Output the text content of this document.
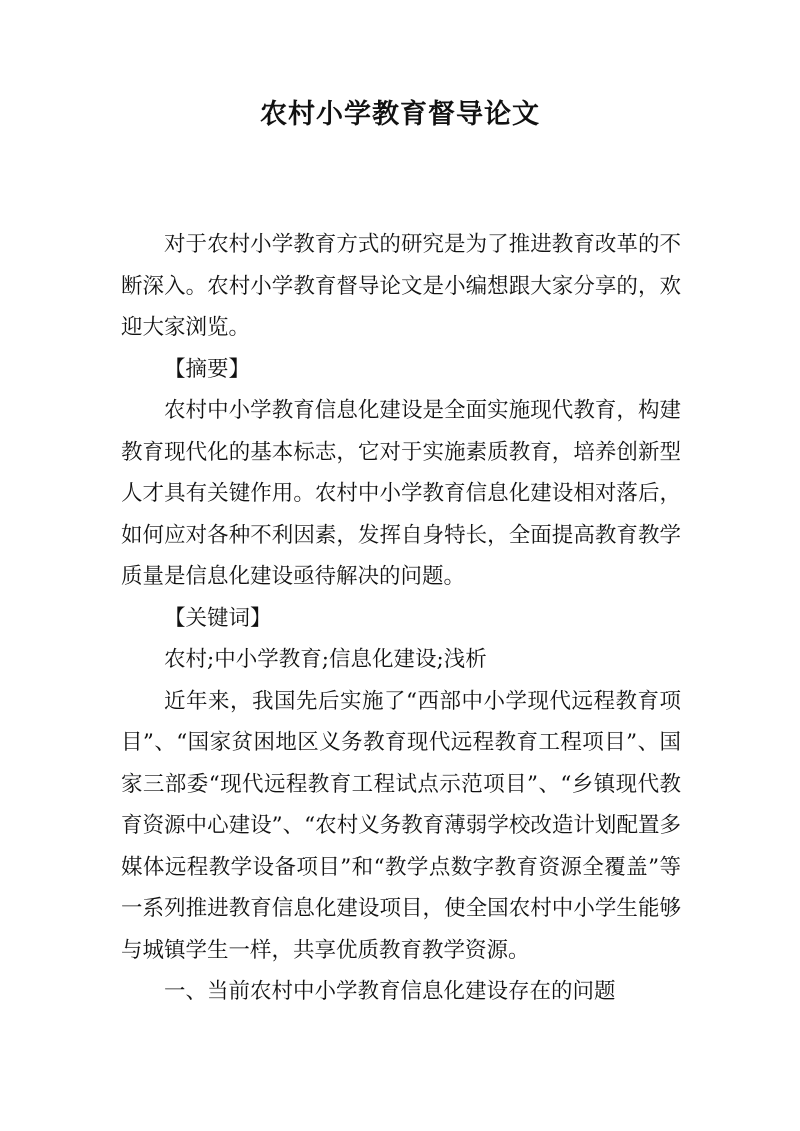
农村小学教育督导论文

对于农村小学教育方式的研究是为了推进教育改革的不断深入。农村小学教育督导论文是小编想跟大家分享的，欢迎大家浏览。

【摘要】

农村中小学教育信息化建设是全面实施现代教育，构建教育现代化的基本标志，它对于实施素质教育，培养创新型人才具有关键作用。农村中小学教育信息化建设相对落后，如何应对各种不利因素，发挥自身特长，全面提高教育教学质量是信息化建设亟待解决的问题。

【关键词】

农村;中小学教育;信息化建设;浅析

近年来，我国先后实施了“西部中小学现代远程教育项目”、“国家贫困地区义务教育现代远程教育工程项目”、国家三部委“现代远程教育工程试点示范项目”、“乡镇现代教育资源中心建设”、“农村义务教育薄弱学校改造计划配置多媒体远程教学设备项目”和“教学点数字教育资源全覆盖”等一系列推进教育信息化建设项目，使全国农村中小学生能够与城镇学生一样，共享优质教育教学资源。

一、当前农村中小学教育信息化建设存在的问题
